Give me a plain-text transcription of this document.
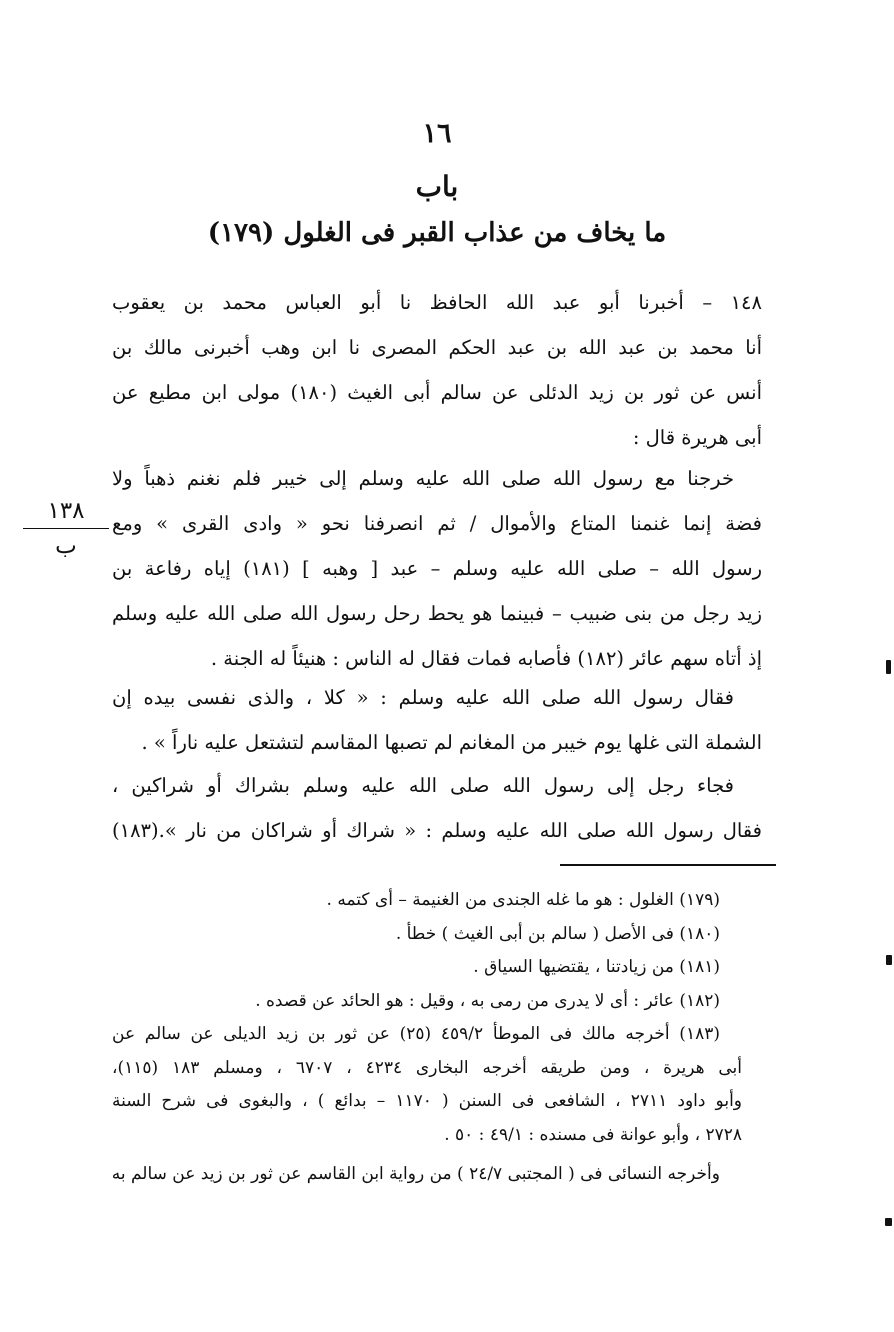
١٦
باب
ما يخاف من عذاب القبر فى الغلول (١٧٩)
١٤٨ – أخبرنا أبو عبد الله الحافظ نا أبو العباس محمد بن يعقوب
أنا محمد بن عبد الله بن عبد الحكم المصرى نا ابن وهب أخبرنى مالك بن
أنس عن ثور بن زيد الدئلى عن سالم أبى الغيث (١٨٠) مولى ابن مطيع عن
أبى هريرة قال :
خرجنا مع رسول الله صلى الله عليه وسلم إلى خيبر فلم نغنم ذهباً ولا
فضة إنما غنمنا المتاع والأموال / ثم انصرفنا نحو « وادى القرى » ومع
رسول الله – صلى الله عليه وسلم – عبد [ وهبه ] (١٨١) إياه رفاعة بن
زيد رجل من بنى ضبيب – فبينما هو يحط رحل رسول الله صلى الله عليه وسلم
إذ أتاه سهم عائر (١٨٢) فأصابه فمات فقال له الناس : هنيئاً له الجنة .
فقال رسول الله صلى الله عليه وسلم : « كلا ، والذى نفسى بيده إن
الشملة التى غلها يوم خيبر من المغانم لم تصبها المقاسم لتشتعل عليه ناراً » .
فجاء رجل إلى رسول الله صلى الله عليه وسلم بشراك أو شراكين ،
فقال رسول الله صلى الله عليه وسلم : « شراك أو شراكان من نار ».(١٨٣)
١٣٨
ب
(١٧٩) الغلول : هو ما غله الجندى من الغنيمة – أى كتمه .
(١٨٠) فى الأصل ( سالم بن أبى الغيث ) خطأ .
(١٨١) من زيادتنا ، يقتضيها السياق .
(١٨٢) عائر : أى لا يدرى من رمى به ، وقيل : هو الحائد عن قصده .
(١٨٣) أخرجه مالك فى الموطأ ٤٥٩/٢ (٢٥) عن ثور بن زيد الديلى عن سالم عن
أبى هريرة ، ومن طريقه أخرجه البخارى ٤٢٣٤ ، ٦٧٠٧ ، ومسلم ١٨٣ (١١٥)،
وأبو داود ٢٧١١ ، الشافعى فى السنن ( ١١٧٠ – بدائع ) ، والبغوى فى شرح السنة
٢٧٢٨ ، وأبو عوانة فى مسنده : ٤٩/١ : ٥٠ .
وأخرجه النسائى فى ( المجتبى ٢٤/٧ ) من رواية ابن القاسم عن ثور بن زيد عن سالم به
